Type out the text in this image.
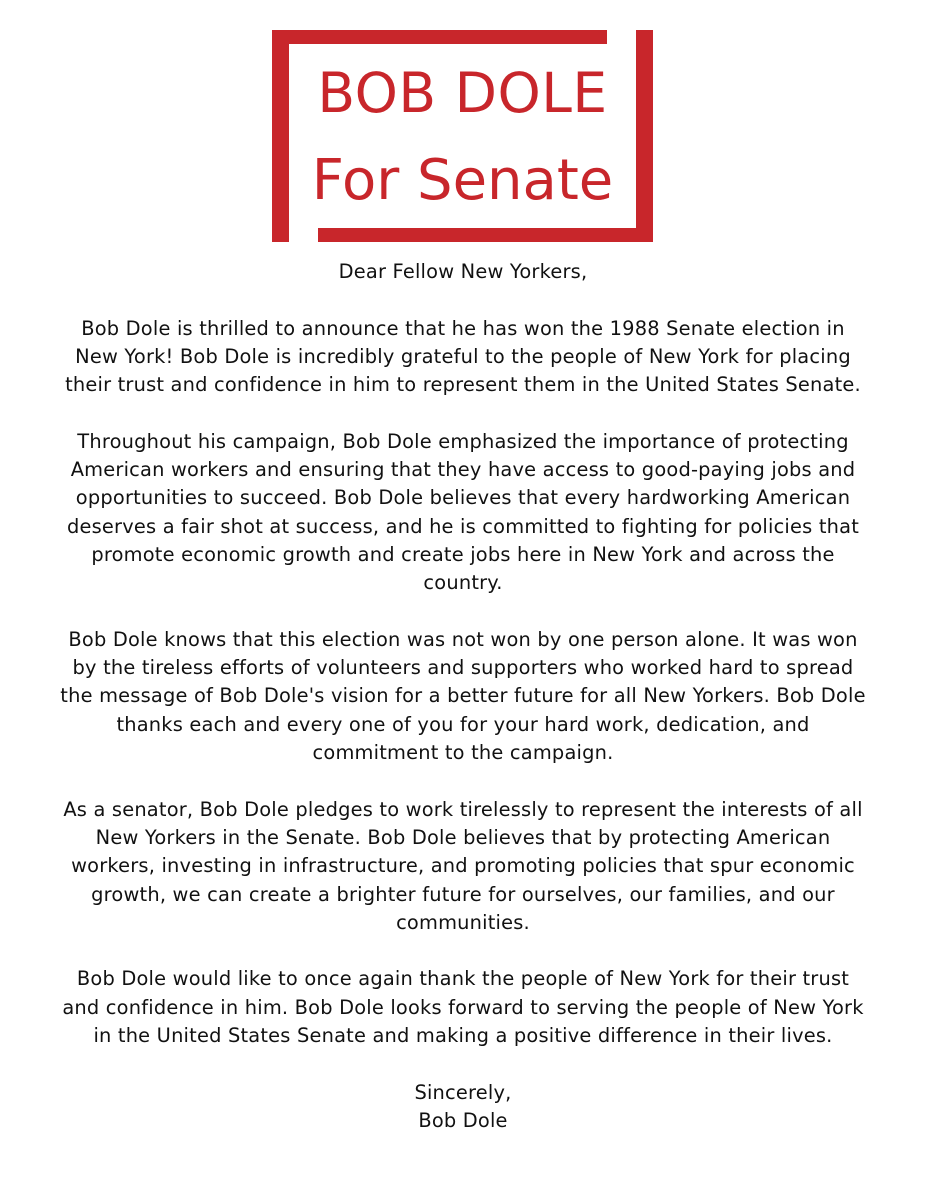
BOB DOLE
For Senate

Dear Fellow New Yorkers,

Bob Dole is thrilled to announce that he has won the 1988 Senate election in New York! Bob Dole is incredibly grateful to the people of New York for placing their trust and confidence in him to represent them in the United States Senate.

Throughout his campaign, Bob Dole emphasized the importance of protecting American workers and ensuring that they have access to good-paying jobs and opportunities to succeed. Bob Dole believes that every hardworking American deserves a fair shot at success, and he is committed to fighting for policies that promote economic growth and create jobs here in New York and across the country.

Bob Dole knows that this election was not won by one person alone. It was won by the tireless efforts of volunteers and supporters who worked hard to spread the message of Bob Dole's vision for a better future for all New Yorkers. Bob Dole thanks each and every one of you for your hard work, dedication, and commitment to the campaign.

As a senator, Bob Dole pledges to work tirelessly to represent the interests of all New Yorkers in the Senate. Bob Dole believes that by protecting American workers, investing in infrastructure, and promoting policies that spur economic growth, we can create a brighter future for ourselves, our families, and our communities.

Bob Dole would like to once again thank the people of New York for their trust and confidence in him. Bob Dole looks forward to serving the people of New York in the United States Senate and making a positive difference in their lives.

Sincerely,

Bob Dole
